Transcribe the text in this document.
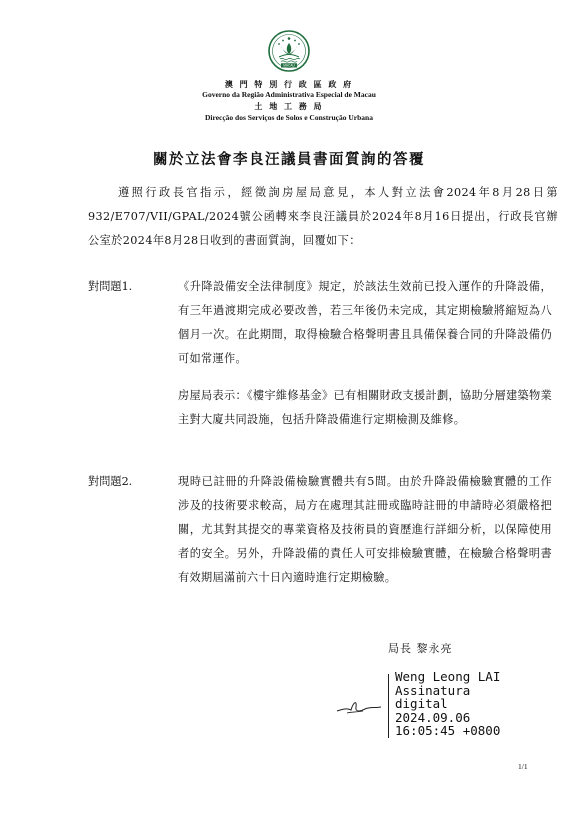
MACAU
澳 門 特 別 行 政 區 政 府
Governo da Região Administrativa Especial de Macau
土 地 工 務 局
Direcção dos Serviços de Solos e Construção Urbana
關於立法會李良汪議員書面質詢的答覆
遵照行政長官指示，經徵詢房屋局意見，本人對立法會2024年8月28日第932/E707/VII/GPAL/2024號公函轉來李良汪議員於2024年8月16日提出，行政長官辦公室於2024年8月28日收到的書面質詢，回覆如下：
對問題1.	《升降設備安全法律制度》規定，於該法生效前已投入運作的升降設備，有三年過渡期完成必要改善，若三年後仍未完成，其定期檢驗將縮短為八個月一次。在此期間，取得檢驗合格聲明書且具備保養合同的升降設備仍可如常運作。
房屋局表示：《樓宇維修基金》已有相關財政支援計劃，協助分層建築物業主對大廈共同設施，包括升降設備進行定期檢測及維修。
對問題2.	現時已註冊的升降設備檢驗實體共有5間。由於升降設備檢驗實體的工作涉及的技術要求較高，局方在處理其註冊或臨時註冊的申請時必須嚴格把關，尤其對其提交的專業資格及技術員的資歷進行詳細分析，以保障使用者的安全。另外，升降設備的責任人可安排檢驗實體，在檢驗合格聲明書有效期屆滿前六十日內適時進行定期檢驗。
局長 黎永亮
Weng Leong LAI
Assinatura
digital
2024.09.06
16:05:45 +0800
1/1
